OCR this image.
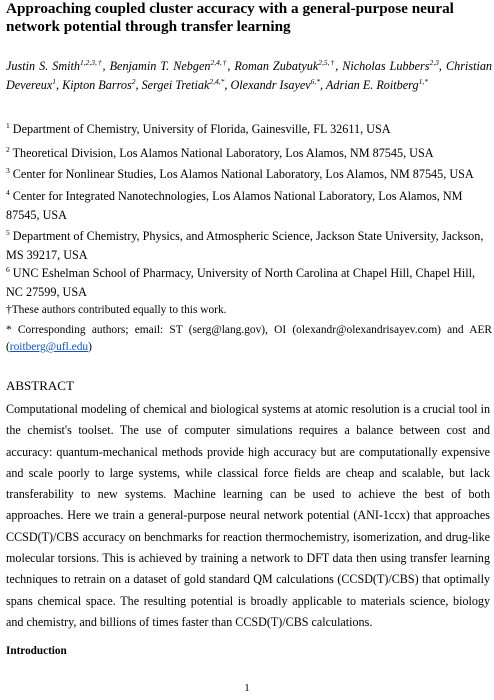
Approaching coupled cluster accuracy with a general-purpose neural network potential through transfer learning
Justin S. Smith$^{1,2,3,\dagger}$, Benjamin T. Nebgen$^{2,4,\dagger}$, Roman Zubatyuk$^{2,5,\dagger}$, Nicholas Lubbers$^{2,3}$, Christian Devereux$^1$, Kipton Barros$^2$, Sergei Tretiak$^{2,4,*}$, Olexandr Isayev$^{6,*}$, Adrian E. Roitberg$^{1,*}$
$^1$ Department of Chemistry, University of Florida, Gainesville, FL 32611, USA
$^2$ Theoretical Division, Los Alamos National Laboratory, Los Alamos, NM 87545, USA
$^3$ Center for Nonlinear Studies, Los Alamos National Laboratory, Los Alamos, NM 87545, USA
$^4$ Center for Integrated Nanotechnologies, Los Alamos National Laboratory, Los Alamos, NM 87545, USA
$^5$ Department of Chemistry, Physics, and Atmospheric Science, Jackson State University, Jackson, MS 39217, USA
$^6$ UNC Eshelman School of Pharmacy, University of North Carolina at Chapel Hill, Chapel Hill, NC 27599, USA
†These authors contributed equally to this work.
* Corresponding authors; email: ST (serg@lang.gov), OI (olexandr@olexandrisayev.com) and AER (roitberg@ufl.edu)
ABSTRACT
Computational modeling of chemical and biological systems at atomic resolution is a crucial tool in the chemist's toolset. The use of computer simulations requires a balance between cost and accuracy: quantum-mechanical methods provide high accuracy but are computationally expensive and scale poorly to large systems, while classical force fields are cheap and scalable, but lack transferability to new systems. Machine learning can be used to achieve the best of both approaches. Here we train a general-purpose neural network potential (ANI-1ccx) that approaches CCSD(T)/CBS accuracy on benchmarks for reaction thermochemistry, isomerization, and drug-like molecular torsions. This is achieved by training a network to DFT data then using transfer learning techniques to retrain on a dataset of gold standard QM calculations (CCSD(T)/CBS) that optimally spans chemical space. The resulting potential is broadly applicable to materials science, biology and chemistry, and billions of times faster than CCSD(T)/CBS calculations.
Introduction
1
